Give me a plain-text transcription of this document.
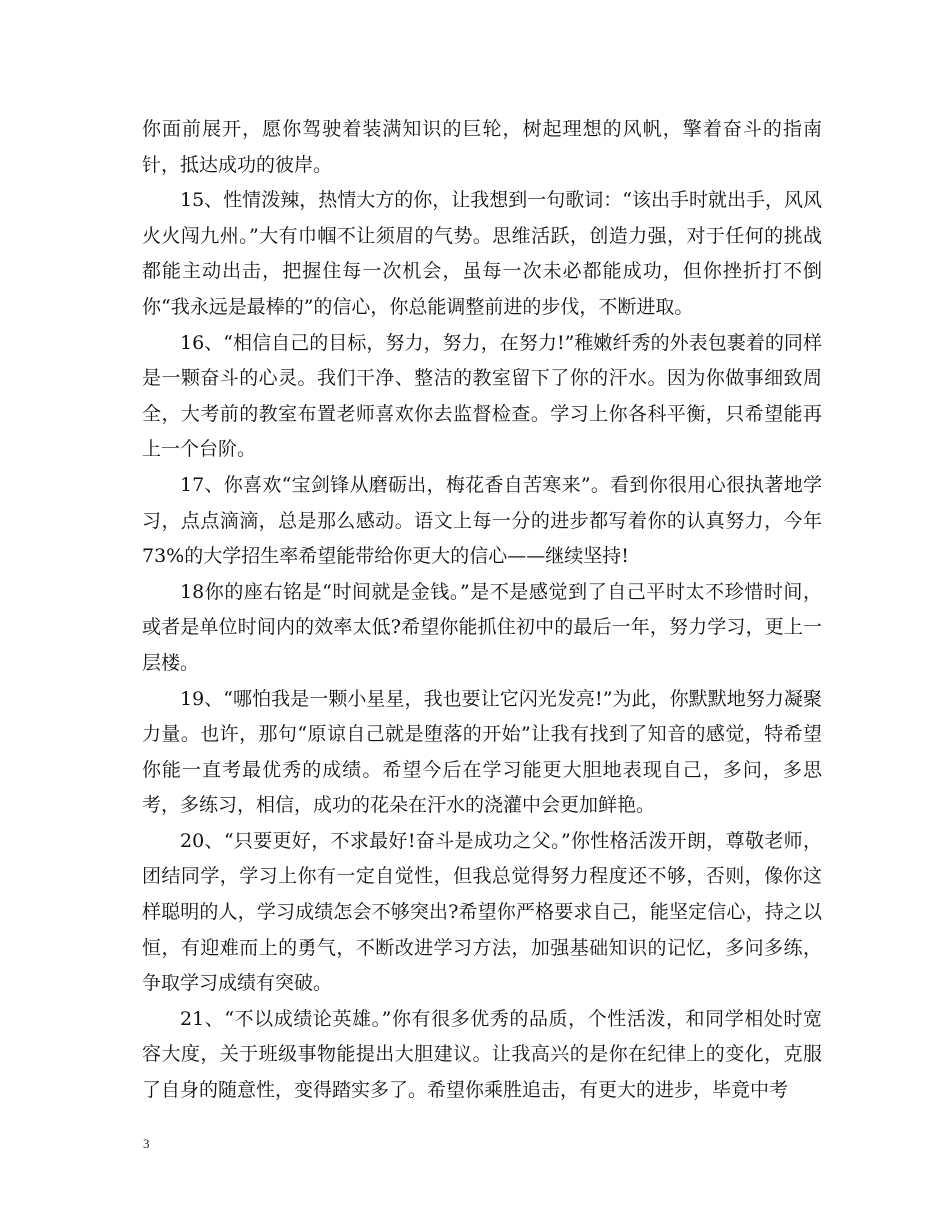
你面前展开，愿你驾驶着装满知识的巨轮，树起理想的风帆，擎着奋斗的指南针，抵达成功的彼岸。

15、性情泼辣，热情大方的你，让我想到一句歌词：“该出手时就出手，风风火火闯九州。”大有巾帼不让须眉的气势。思维活跃，创造力强，对于任何的挑战都能主动出击，把握住每一次机会，虽每一次未必都能成功，但你挫折打不倒你“我永远是最棒的”的信心，你总能调整前进的步伐，不断进取。

16、“相信自己的目标，努力，努力，在努力!”稚嫩纤秀的外表包裹着的同样是一颗奋斗的心灵。我们干净、整洁的教室留下了你的汗水。因为你做事细致周全，大考前的教室布置老师喜欢你去监督检查。学习上你各科平衡，只希望能再上一个台阶。

17、你喜欢“宝剑锋从磨砺出，梅花香自苦寒来”。看到你很用心很执著地学习，点点滴滴，总是那么感动。语文上每一分的进步都写着你的认真努力，今年73%的大学招生率希望能带给你更大的信心——继续坚持!

18你的座右铭是“时间就是金钱。”是不是感觉到了自己平时太不珍惜时间，或者是单位时间内的效率太低?希望你能抓住初中的最后一年，努力学习，更上一层楼。

19、“哪怕我是一颗小星星，我也要让它闪光发亮!”为此，你默默地努力凝聚力量。也许，那句“原谅自己就是堕落的开始”让我有找到了知音的感觉，特希望你能一直考最优秀的成绩。希望今后在学习能更大胆地表现自己，多问，多思考，多练习，相信，成功的花朵在汗水的浇灌中会更加鲜艳。

20、“只要更好，不求最好!奋斗是成功之父。”你性格活泼开朗，尊敬老师，团结同学，学习上你有一定自觉性，但我总觉得努力程度还不够，否则，像你这样聪明的人，学习成绩怎会不够突出?希望你严格要求自己，能坚定信心，持之以恒，有迎难而上的勇气，不断改进学习方法，加强基础知识的记忆，多问多练，争取学习成绩有突破。

21、“不以成绩论英雄。”你有很多优秀的品质，个性活泼，和同学相处时宽容大度，关于班级事物能提出大胆建议。让我高兴的是你在纪律上的变化，克服了自身的随意性，变得踏实多了。希望你乘胜追击，有更大的进步，毕竟中考

3
